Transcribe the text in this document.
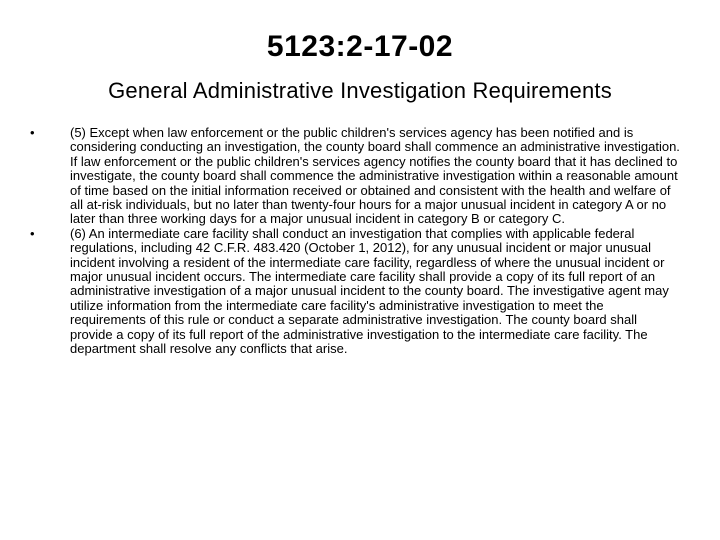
5123:2-17-02
General Administrative Investigation Requirements
•	(5) Except when law enforcement or the public children's services agency has been notified and is considering conducting an investigation, the county board shall commence an administrative investigation. If law enforcement or the public children's services agency notifies the county board that it has declined to investigate, the county board shall commence the administrative investigation within a reasonable amount of time based on the initial information received or obtained and consistent with the health and welfare of all at-risk individuals, but no later than twenty-four hours for a major unusual incident in category A or no later than three working days for a major unusual incident in category B or category C.
•	(6) An intermediate care facility shall conduct an investigation that complies with applicable federal regulations, including 42 C.F.R. 483.420 (October 1, 2012), for any unusual incident or major unusual incident involving a resident of the intermediate care facility, regardless of where the unusual incident or major unusual incident occurs. The intermediate care facility shall provide a copy of its full report of an administrative investigation of a major unusual incident to the county board. The investigative agent may utilize information from the intermediate care facility's administrative investigation to meet the requirements of this rule or conduct a separate administrative investigation. The county board shall provide a copy of its full report of the administrative investigation to the intermediate care facility. The department shall resolve any conflicts that arise.
